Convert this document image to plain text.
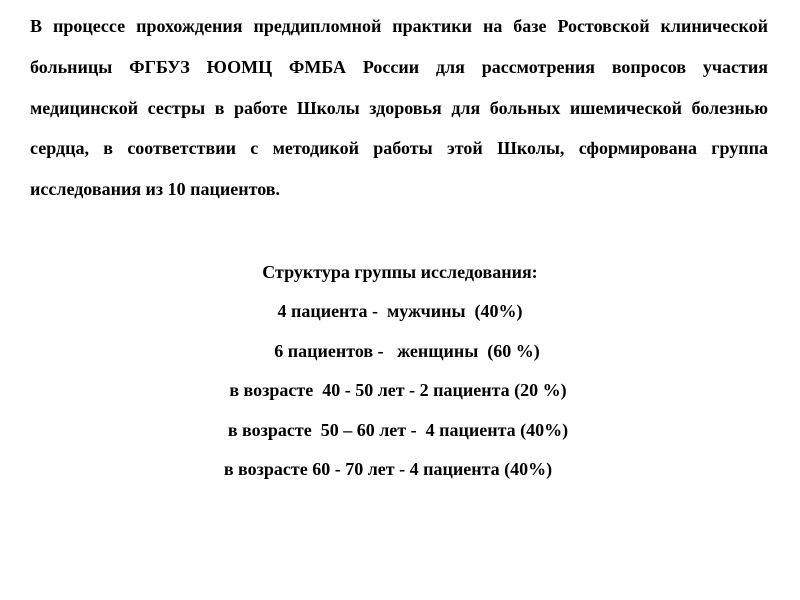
В процессе прохождения преддипломной практики на базе Ростовской клинической больницы ФГБУЗ ЮОМЦ ФМБА России для рассмотрения вопросов участия медицинской сестры в работе Школы здоровья для больных ишемической болезнью сердца, в соответствии с методикой работы этой Школы, сформирована группа исследования из 10 пациентов.

Структура группы исследования:

4 пациента -  мужчины  (40%)
6 пациентов -   женщины  (60 %)
в возрасте  40 - 50 лет - 2 пациента (20 %)
в возрасте  50 – 60 лет -  4 пациента (40%)
в возрасте 60 - 70 лет - 4 пациента (40%)
